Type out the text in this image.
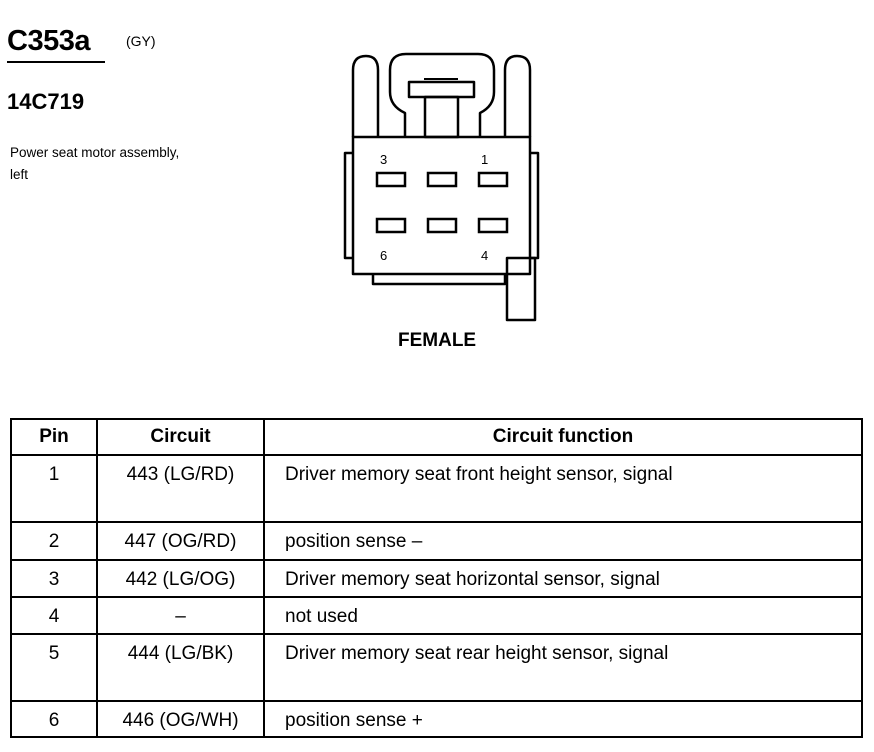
C353a	(GY)
14C719
Power seat motor assembly, left
3	1
6	4
FEMALE
Pin	Circuit	Circuit function
1	443 (LG/RD)	Driver memory seat front height sensor, signal
2	447 (OG/RD)	position sense –
3	442 (LG/OG)	Driver memory seat horizontal sensor, signal
4	–	not used
5	444 (LG/BK)	Driver memory seat rear height sensor, signal
6	446 (OG/WH)	position sense +
